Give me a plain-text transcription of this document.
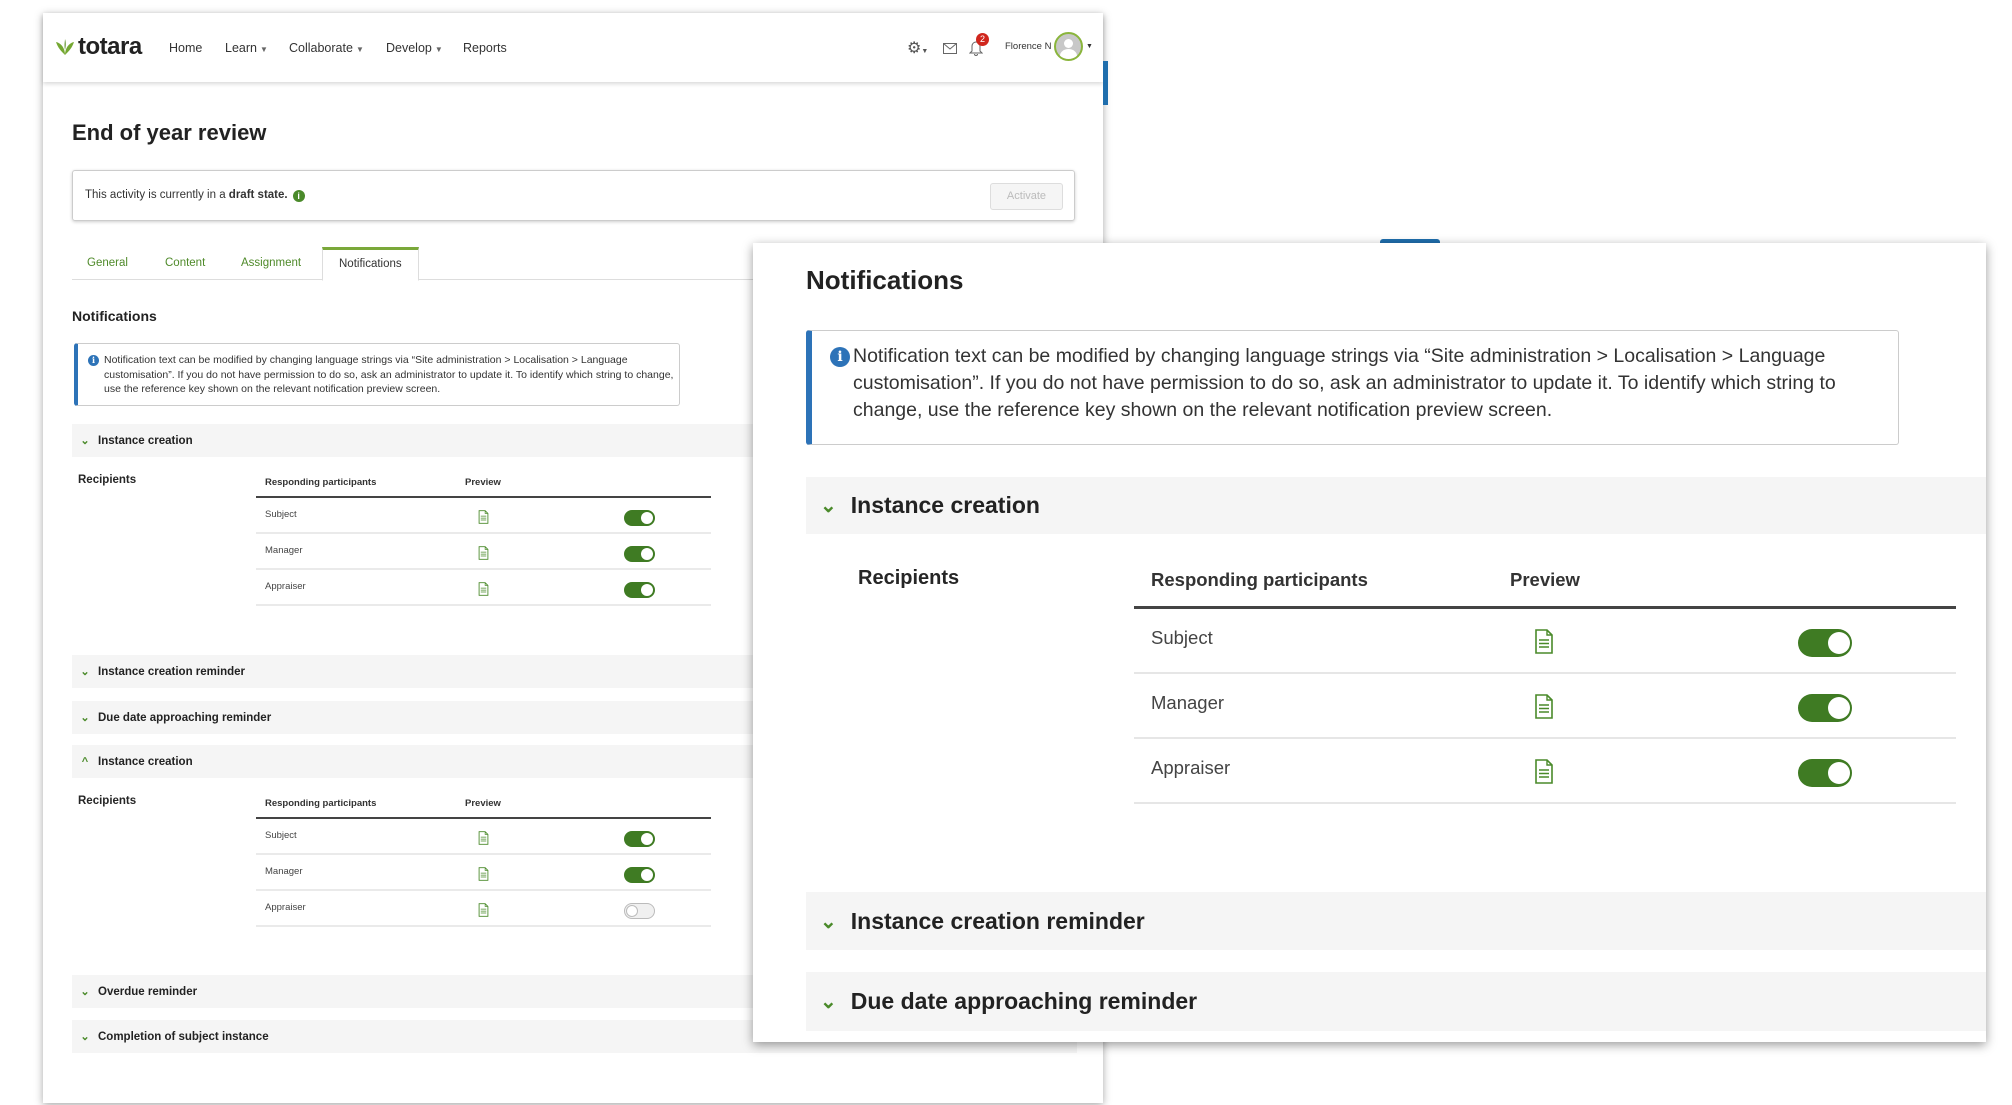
totara Home Learn ▼ Collaborate ▼ Develop ▼ Reports	⚙▼
2
Florence N	▼
End of year review
This activity is currently in a draft state. i	Activate
General	Content	Assignment	Notifications
Notifications
i Notification text can be modified by changing language strings via “Site administration > Localisation > Language customisation”. If you do not have permission to do so, ask an administrator to update it. To identify which string to change, use the reference key shown on the relevant notification preview screen.
⌄ Instance creation
Recipients	Responding participants	Preview
Subject
Manager
Appraiser
⌄ Instance creation reminder
⌄ Due date approaching reminder
^ Instance creation
Recipients	Responding participants	Preview
Subject
Manager
Appraiser
⌄ Overdue reminder
⌄ Completion of subject instance
Notifications
i Notification text can be modified by changing language strings via “Site administration > Localisation > Language customisation”. If you do not have permission to do so, ask an administrator to update it. To identify which string to change, use the reference key shown on the relevant notification preview screen.
⌄ Instance creation
Recipients	Responding participants	Preview
Subject
Manager
Appraiser
⌄ Instance creation reminder
⌄ Due date approaching reminder
